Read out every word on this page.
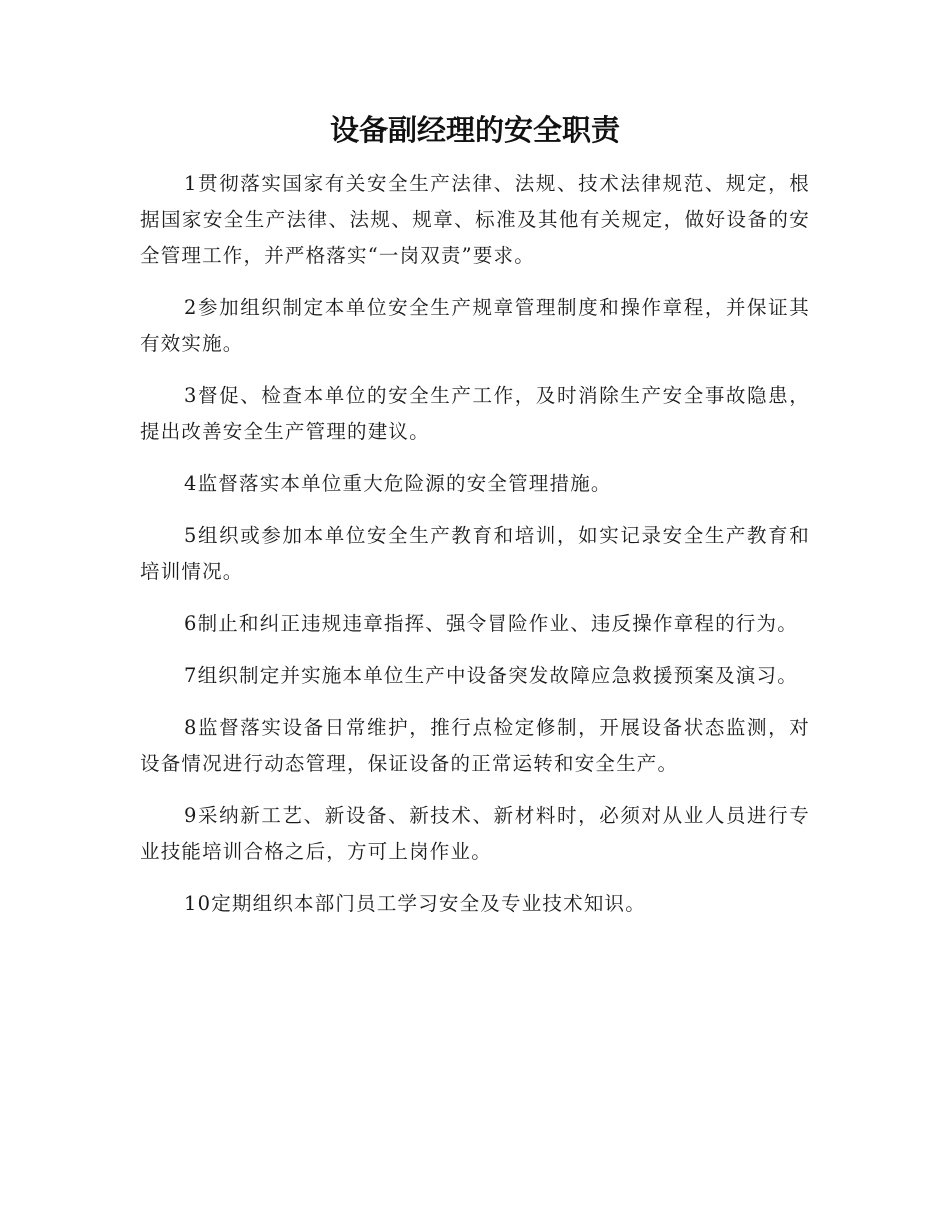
设备副经理的安全职责

1贯彻落实国家有关安全生产法律、法规、技术法律规范、规定，根据国家安全生产法律、法规、规章、标准及其他有关规定，做好设备的安全管理工作，并严格落实“一岗双责”要求。

2参加组织制定本单位安全生产规章管理制度和操作章程，并保证其有效实施。

3督促、检查本单位的安全生产工作，及时消除生产安全事故隐患，提出改善安全生产管理的建议。

4监督落实本单位重大危险源的安全管理措施。

5组织或参加本单位安全生产教育和培训，如实记录安全生产教育和培训情况。

6制止和纠正违规违章指挥、强令冒险作业、违反操作章程的行为。

7组织制定并实施本单位生产中设备突发故障应急救援预案及演习。

8监督落实设备日常维护，推行点检定修制，开展设备状态监测，对设备情况进行动态管理，保证设备的正常运转和安全生产。

9采纳新工艺、新设备、新技术、新材料时，必须对从业人员进行专业技能培训合格之后，方可上岗作业。

10定期组织本部门员工学习安全及专业技术知识。
